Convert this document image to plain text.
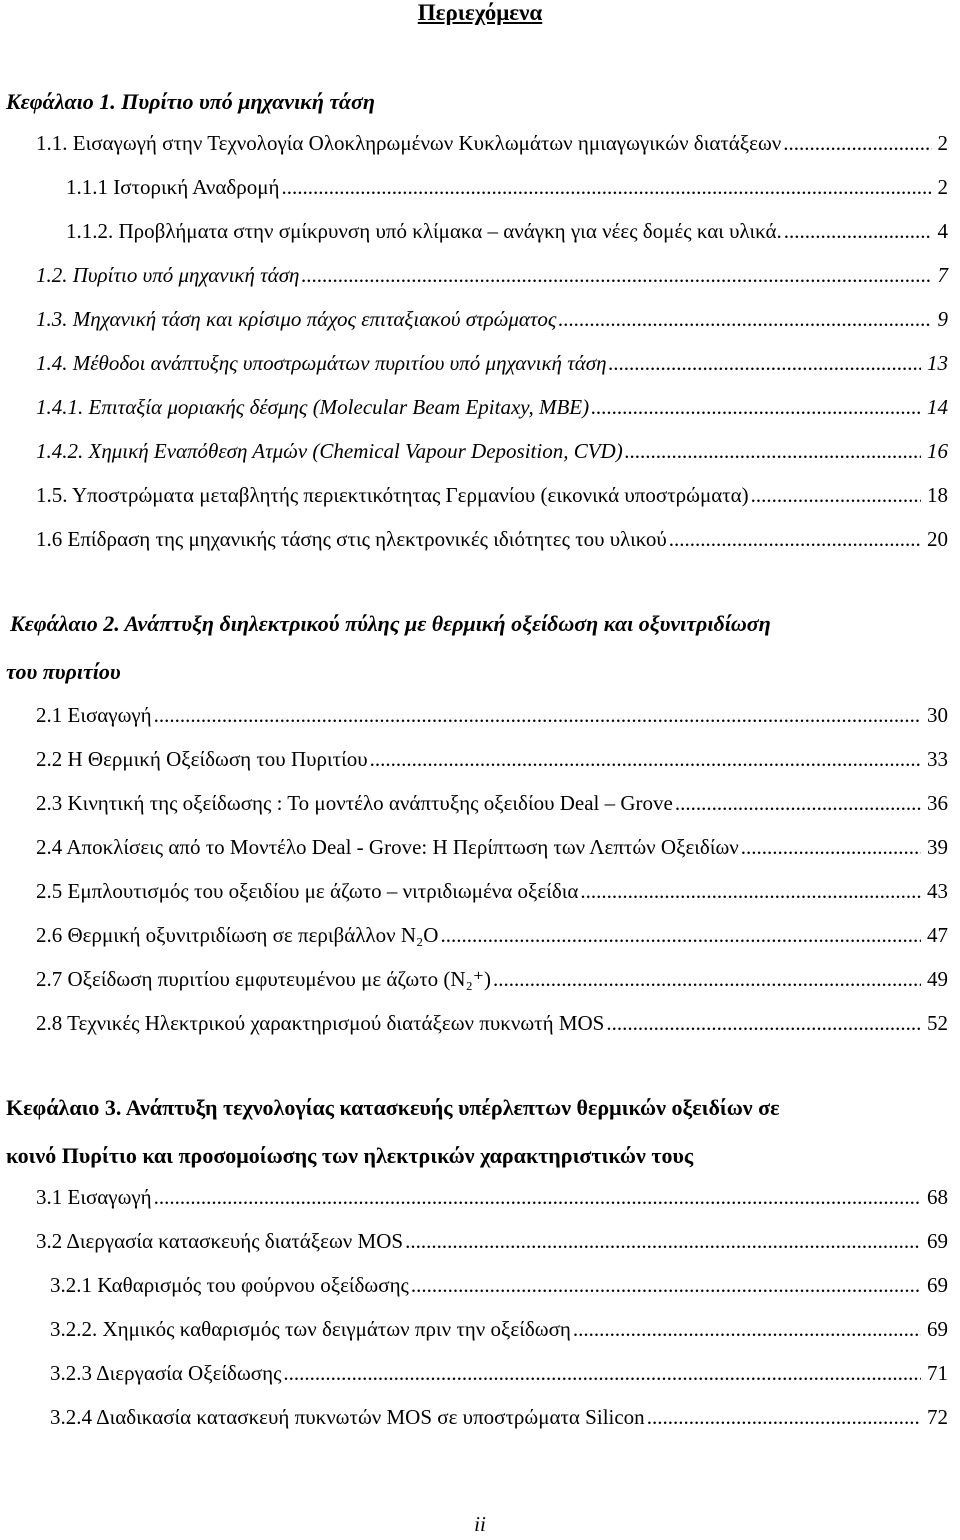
Περιεχόμενα
Κεφάλαιο 1. Πυρίτιο υπό μηχανική τάση
1.1. Εισαγωγή στην Τεχνολογία Ολοκληρωμένων Κυκλωμάτων ημιαγωγικών διατάξεων .....	2
1.1.1 Ιστορική Αναδρομή .....	2
1.1.2. Προβλήματα στην σμίκρυνση υπό κλίμακα – ανάγκη για νέες δομές και υλικά. .....	4
1.2. Πυρίτιο υπό μηχανική τάση .....	7
1.3. Μηχανική τάση και κρίσιμο πάχος επιταξιακού στρώματος .....	9
1.4. Μέθοδοι ανάπτυξης υποστρωμάτων πυριτίου υπό μηχανική τάση .....	13
1.4.1. Επιταξία μοριακής δέσμης (Molecular Beam Epitaxy, MBE) .....	14
1.4.2. Χημική Εναπόθεση Ατμών (Chemical Vapour Deposition, CVD) .....	16
1.5. Υποστρώματα μεταβλητής περιεκτικότητας Γερμανίου (εικονικά υποστρώματα) .....	18
1.6 Επίδραση της μηχανικής τάσης στις ηλεκτρονικές ιδιότητες του υλικού .....	20
Κεφάλαιο 2. Ανάπτυξη διηλεκτρικού πύλης με θερμική οξείδωση και οξυνιτριδίωση
του πυριτίου
2.1 Εισαγωγή .....	30
2.2 Η Θερμική Οξείδωση του Πυριτίου .....	33
2.3 Κινητική της οξείδωσης : Το μοντέλο ανάπτυξης οξειδίου Deal – Grove .....	36
2.4 Αποκλίσεις από το Μοντέλο Deal - Grove: Η Περίπτωση των Λεπτών Οξειδίων .....	39
2.5 Εμπλουτισμός του οξειδίου με άζωτο – νιτριδιωμένα οξείδια .....	43
2.6 Θερμική οξυνιτριδίωση σε περιβάλλον N₂O .....	47
2.7 Οξείδωση πυριτίου εμφυτευμένου με άζωτο (N₂⁺) .....	49
2.8 Τεχνικές Ηλεκτρικού χαρακτηρισμού διατάξεων πυκνωτή MOS .....	52
Κεφάλαιο 3. Ανάπτυξη τεχνολογίας κατασκευής υπέρλεπτων θερμικών οξειδίων σε
κοινό Πυρίτιο και προσομοίωσης των ηλεκτρικών χαρακτηριστικών τους
3.1 Εισαγωγή .....	68
3.2 Διεργασία κατασκευής διατάξεων MOS .....	69
3.2.1 Καθαρισμός του φούρνου οξείδωσης .....	69
3.2.2. Χημικός καθαρισμός των δειγμάτων πριν την οξείδωση .....	69
3.2.3 Διεργασία Οξείδωσης .....	71
3.2.4 Διαδικασία κατασκευή πυκνωτών MOS σε υποστρώματα Silicon .....	72
ii
